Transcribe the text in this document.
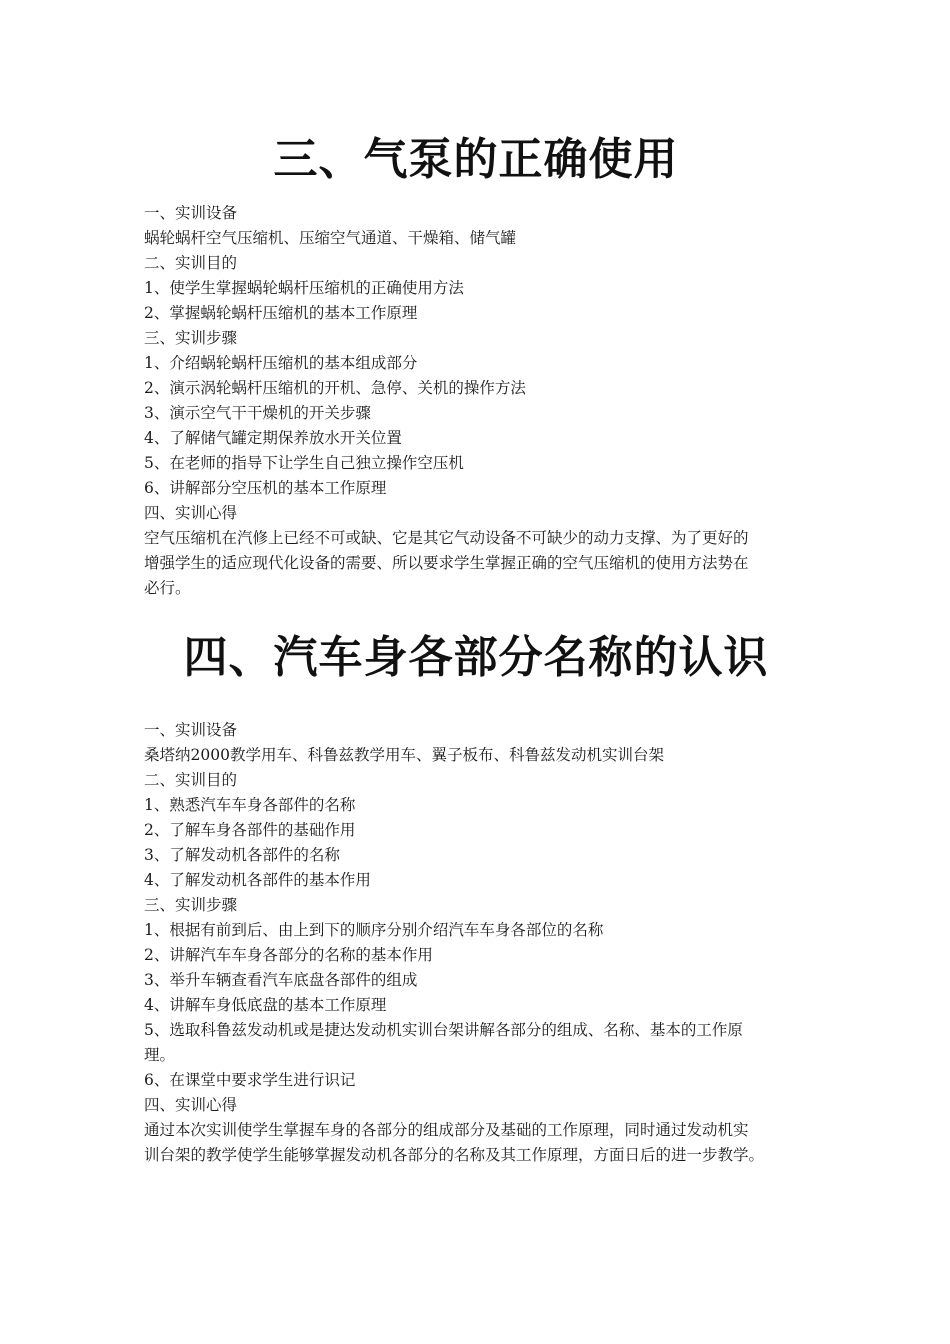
三、气泵的正确使用
一、实训设备
蜗轮蜗杆空气压缩机、压缩空气通道、干燥箱、储气罐
二、实训目的
1、使学生掌握蜗轮蜗杆压缩机的正确使用方法
2、掌握蜗轮蜗杆压缩机的基本工作原理
三、实训步骤
1、介绍蜗轮蜗杆压缩机的基本组成部分
2、演示涡轮蜗杆压缩机的开机、急停、关机的操作方法
3、演示空气干干燥机的开关步骤
4、了解储气罐定期保养放水开关位置
5、在老师的指导下让学生自己独立操作空压机
6、讲解部分空压机的基本工作原理
四、实训心得
空气压缩机在汽修上已经不可或缺、它是其它气动设备不可缺少的动力支撑、为了更好的
增强学生的适应现代化设备的需要、所以要求学生掌握正确的空气压缩机的使用方法势在
必行。
四、汽车身各部分名称的认识
一、实训设备
桑塔纳2000教学用车、科鲁兹教学用车、翼子板布、科鲁兹发动机实训台架
二、实训目的
1、熟悉汽车车身各部件的名称
2、了解车身各部件的基础作用
3、了解发动机各部件的名称
4、了解发动机各部件的基本作用
三、实训步骤
1、根据有前到后、由上到下的顺序分别介绍汽车车身各部位的名称
2、讲解汽车车身各部分的名称的基本作用
3、举升车辆查看汽车底盘各部件的组成
4、讲解车身低底盘的基本工作原理
5、选取科鲁兹发动机或是捷达发动机实训台架讲解各部分的组成、名称、基本的工作原
理。
6、在课堂中要求学生进行识记
四、实训心得
通过本次实训使学生掌握车身的各部分的组成部分及基础的工作原理，同时通过发动机实
训台架的教学使学生能够掌握发动机各部分的名称及其工作原理，方面日后的进一步教学。
